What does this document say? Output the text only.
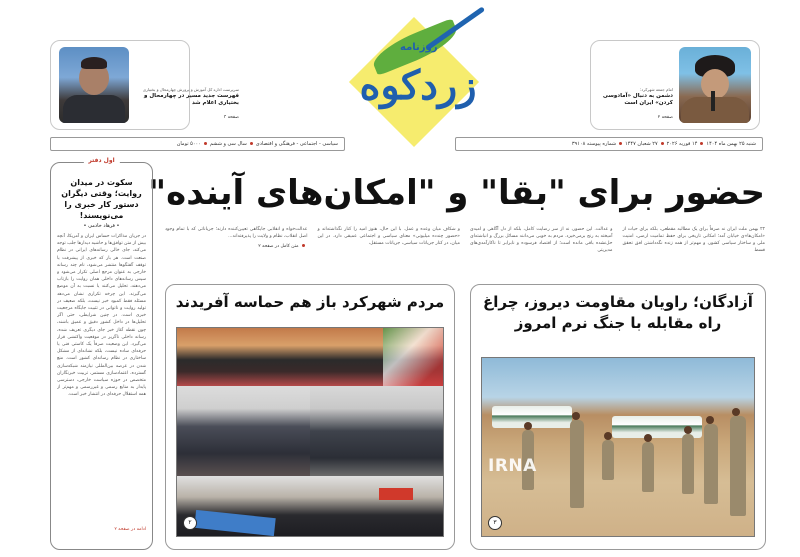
روزنامه
زردکوه
سرپرست اداره کل آموزش و پرورش چهارمحال و بختیاری
فهرست جدید مسیر در چهارمحال و بختیاری اعلام شد
صفحه ۳
امام جمعه شهرکرد:
دشمن به دنبال «آمادوسی کردن» ایران است
صفحه ۲
سیاسی - اجتماعی - فرهنگی و اقتصادیسال سی و ششم۵۰۰۰ تومان	شنبه ۲۵ بهمن ماه ۱۴۰۴۱۴ فوریه ۲۰۲۶۲۷ شعبان ۱۴۴۷شماره پیوسته ۳۹۱۰۸
حضور برای "بقا" و "امکان‌های آینده"
۲۲ بهمن ملت ایران نه صرفاً برای یک مطالبه مقطعی، بلکه برای حیات از «امکان‌ها»ی خیابان آمد؛ امکانی تاریخی برای حفظ تمامیت ارضی، امنیت ملی و ساختار سیاسی کشور، و مهم‌تر از همه زنده نگه‌داشتن افق تحقق قسط
و عدالت. این حضور، نه از سر رضایت کامل، بلکه از دل آگاهی و امیدی آمیخته به رنج برمی‌خیزد. مردم به خوبی می‌دانند مسائل بزرگ و انباشته‌ای حل‌نشده باقی مانده است؛ از اقتصاد فرسوده و نابرابر تا ناکارآمدی‌های مدیریتی
و شکاف میان وعده و عمل. با این حال، هنوز امید را کنار نگذاشته‌اند و «حضور چندده میلیونی» معنای سیاسی و اجتماعی عمیقی دارد. در این میان، در کنار جریانات سیاسی، جریانات مستقل،
عدالت‌خواه و انقلابی جایگاهی تعیین‌کننده دارند؛ جریاناتی که با تمام وجود اصل انقلاب، نظام و ولایت را پذیرفته‌اند...
متن کامل در صفحه ۲
اول دفتر
سکوت در میدان روایت؛ وقتی دیگران دستور کار خبری را می‌نویسند!
• فرهاد خادمی •
در جریان مذاکرات حساس ایران و آمریکا، آنچه بیش از متن توافق‌ها و حاشیه دیدارها جلب توجه می‌کند، جای خالی رسانه‌های ایرانی در نظام صنعت است. هر بار که خبری از پیشرفت یا توقف گفتگوها منتشر می‌شود، نام چند رسانه خارجی به عنوان مرجع اصلی تکرار می‌شود و سپس رسانه‌های داخلی همان روایت را بازتاب می‌دهند، تحلیل می‌کنند یا نسبت به آن موضع می‌گیرند. این چرخه تکراری نشان می‌دهد مسئله فقط کمبود خبر نیست، بلکه ضعیف در تولید روایت و ناتوانی در تثبیت جایگاه مرجعیت خبری است. در چنین شرایطی، حتی اگر تحلیل‌ها در داخل کشور دقیق و عمیق باشند، چون نقطه آغاز خبر جای دیگری تعریف شده، رسانه داخلی ناگزیر در موقعیت واکنشی قرار می‌گیرد. این وضعیت صرفاً یک کاستی فنی یا حرفه‌ای ساده نیست، بلکه نشانه‌ای از مشکل ساختاری در نظام رسانه‌ای کشور است. منع شدن در عرصه بین‌المللی نیازمند شبکه‌سازی گسترده، اعتمادسازی مستمر، تربیت خبرنگاران متخصص در حوزه سیاست خارجی، دسترسی پایدار به منابع رسمی و غیررسمی و مهم‌تر از همه استقلال حرفه‌ای در انتشار خبر است.
ادامه در صفحه ۲
مردم شهرکرد باز هم حماسه آفریدند
۲
آزادگان؛ راویان مقاومت دیروز، چراغ راه مقابله با جنگ نرم امروز
IRNA
۳
